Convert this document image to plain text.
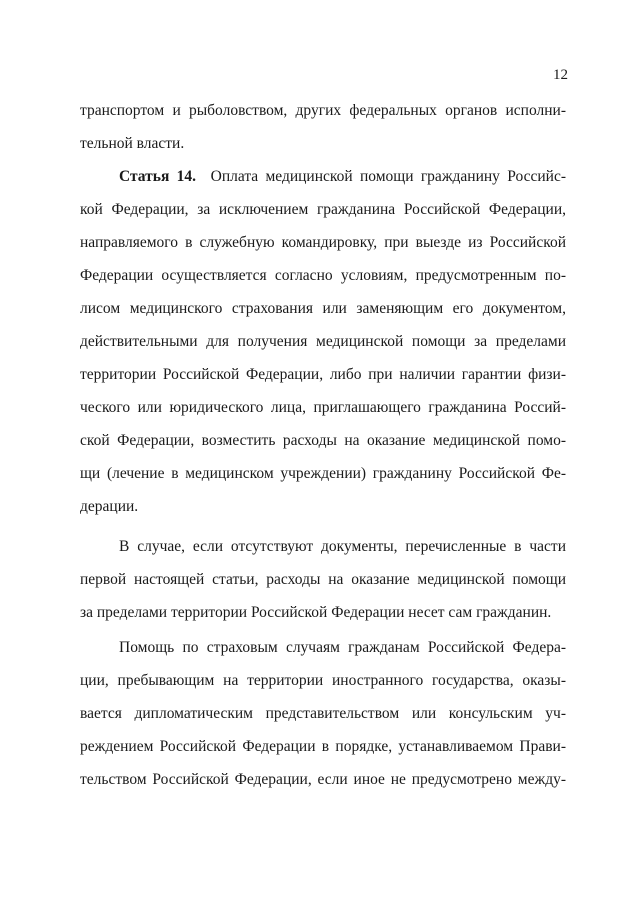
12
транспортом и рыболовством, других федеральных органов исполни-
тельной власти.
Статья 14. Оплата медицинской помощи гражданину Российс-
кой Федерации, за исключением гражданина Российской Федерации,
направляемого в служебную командировку, при выезде из Российской
Федерации осуществляется согласно условиям, предусмотренным по-
лисом медицинского страхования или заменяющим его документом,
действительными для получения медицинской помощи за пределами
территории Российской Федерации, либо при наличии гарантии физи-
ческого или юридического лица, приглашающего гражданина Россий-
ской Федерации, возместить расходы на оказание медицинской помо-
щи (лечение в медицинском учреждении) гражданину Российской Фе-
дерации.
В случае, если отсутствуют документы, перечисленные в части
первой настоящей статьи, расходы на оказание медицинской помощи
за пределами территории Российской Федерации несет сам гражданин.
Помощь по страховым случаям гражданам Российской Федера-
ции, пребывающим на территории иностранного государства, оказы-
вается дипломатическим представительством или консульским уч-
реждением Российской Федерации в порядке, устанавливаемом Прави-
тельством Российской Федерации, если иное не предусмотрено между-
